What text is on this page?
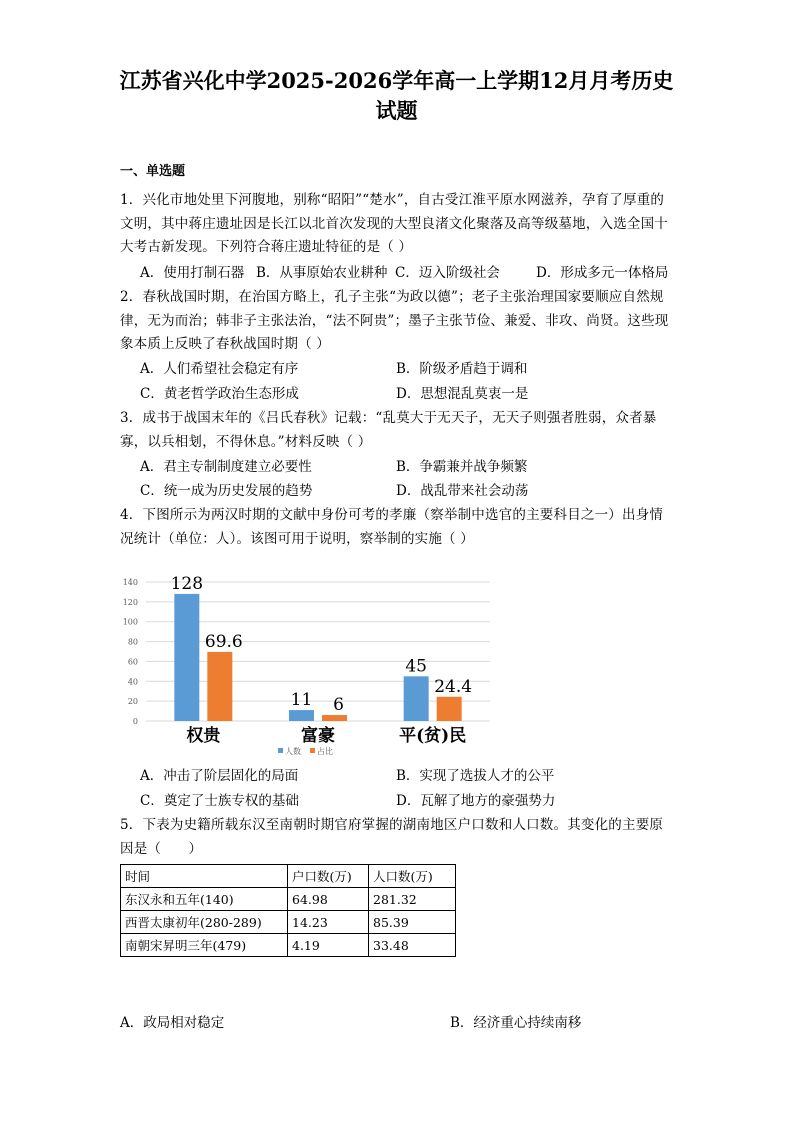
江苏省兴化中学2025-2026学年高一上学期12月月考历史
试题
一、单选题
1．兴化市地处里下河腹地，别称“昭阳”“楚水”，自古受江淮平原水网滋养，孕育了厚重的文明，其中蒋庄遗址因是长江以北首次发现的大型良渚文化聚落及高等级墓地，入选全国十大考古新发现。下列符合蒋庄遗址特征的是（ ）
A．使用打制石器 B．从事原始农业耕种 C．迈入阶级社会	D．形成多元一体格局
2．春秋战国时期，在治国方略上，孔子主张“为政以德”；老子主张治理国家要顺应自然规律，无为而治；韩非子主张法治，“法不阿贵”；墨子主张节俭、兼爱、非攻、尚贤。这些现象本质上反映了春秋战国时期（ ）
A．人们希望社会稳定有序	B．阶级矛盾趋于调和
C．黄老哲学政治生态形成	D．思想混乱莫衷一是
3．成书于战国末年的《吕氏春秋》记载：“乱莫大于无天子，无天子则强者胜弱，众者暴寡，以兵相刬，不得休息。”材料反映（ ）
A．君主专制制度建立必要性	B．争霸兼并战争频繁
C．统一成为历史发展的趋势	D．战乱带来社会动荡
4．下图所示为两汉时期的文献中身份可考的孝廉（察举制中选官的主要科目之一）出身情况统计（单位：人）。该图可用于说明，察举制的实施（ ）
0
20
40
60
80
100
120
140 128
69.6
权贵
11 6
富豪
45
24.4
平(贫)民
人数 占比
A．冲击了阶层固化的局面	B．实现了选拔人才的公平
C．奠定了士族专权的基础	D．瓦解了地方的豪强势力
5．下表为史籍所载东汉至南朝时期官府掌握的湖南地区户口数和人口数。其变化的主要原因是（　　）
时间	户口数(万)	人口数(万)
东汉永和五年(140)	64.98	281.32
西晋太康初年(280-289)	14.23	85.39
南朝宋昇明三年(479)	4.19	33.48
A．政局相对稳定	B．经济重心持续南移
